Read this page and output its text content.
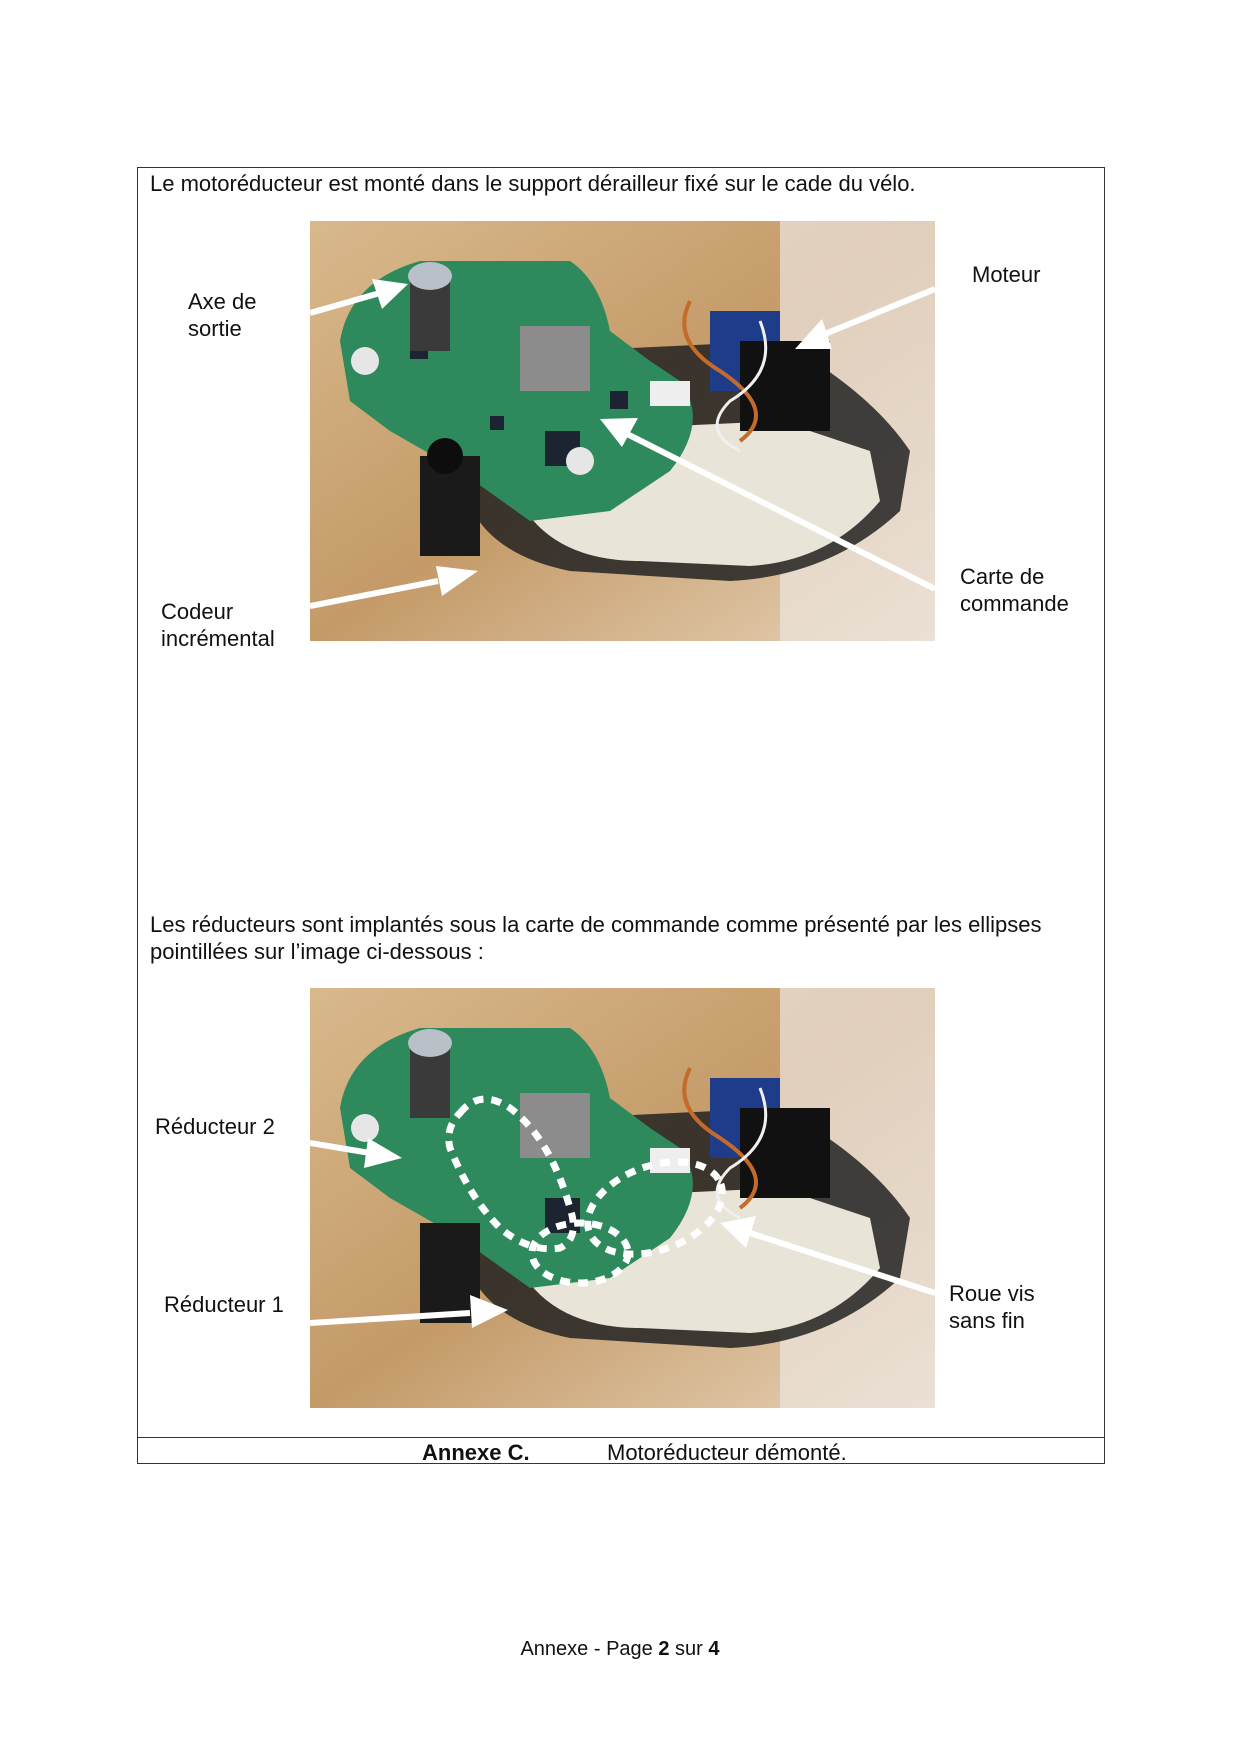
Le motoréducteur est monté dans le support dérailleur fixé sur le cade du vélo.
Axe de
sortie
Moteur
Carte de
commande
Codeur
incrémental
Les réducteurs sont implantés sous la carte de commande comme présenté par les ellipses
pointillées sur l’image ci-dessous :
Réducteur 2
Réducteur 1	Roue vis
sans fin
Annexe C.	Motoréducteur démonté.
Annexe - Page 2 sur 4
